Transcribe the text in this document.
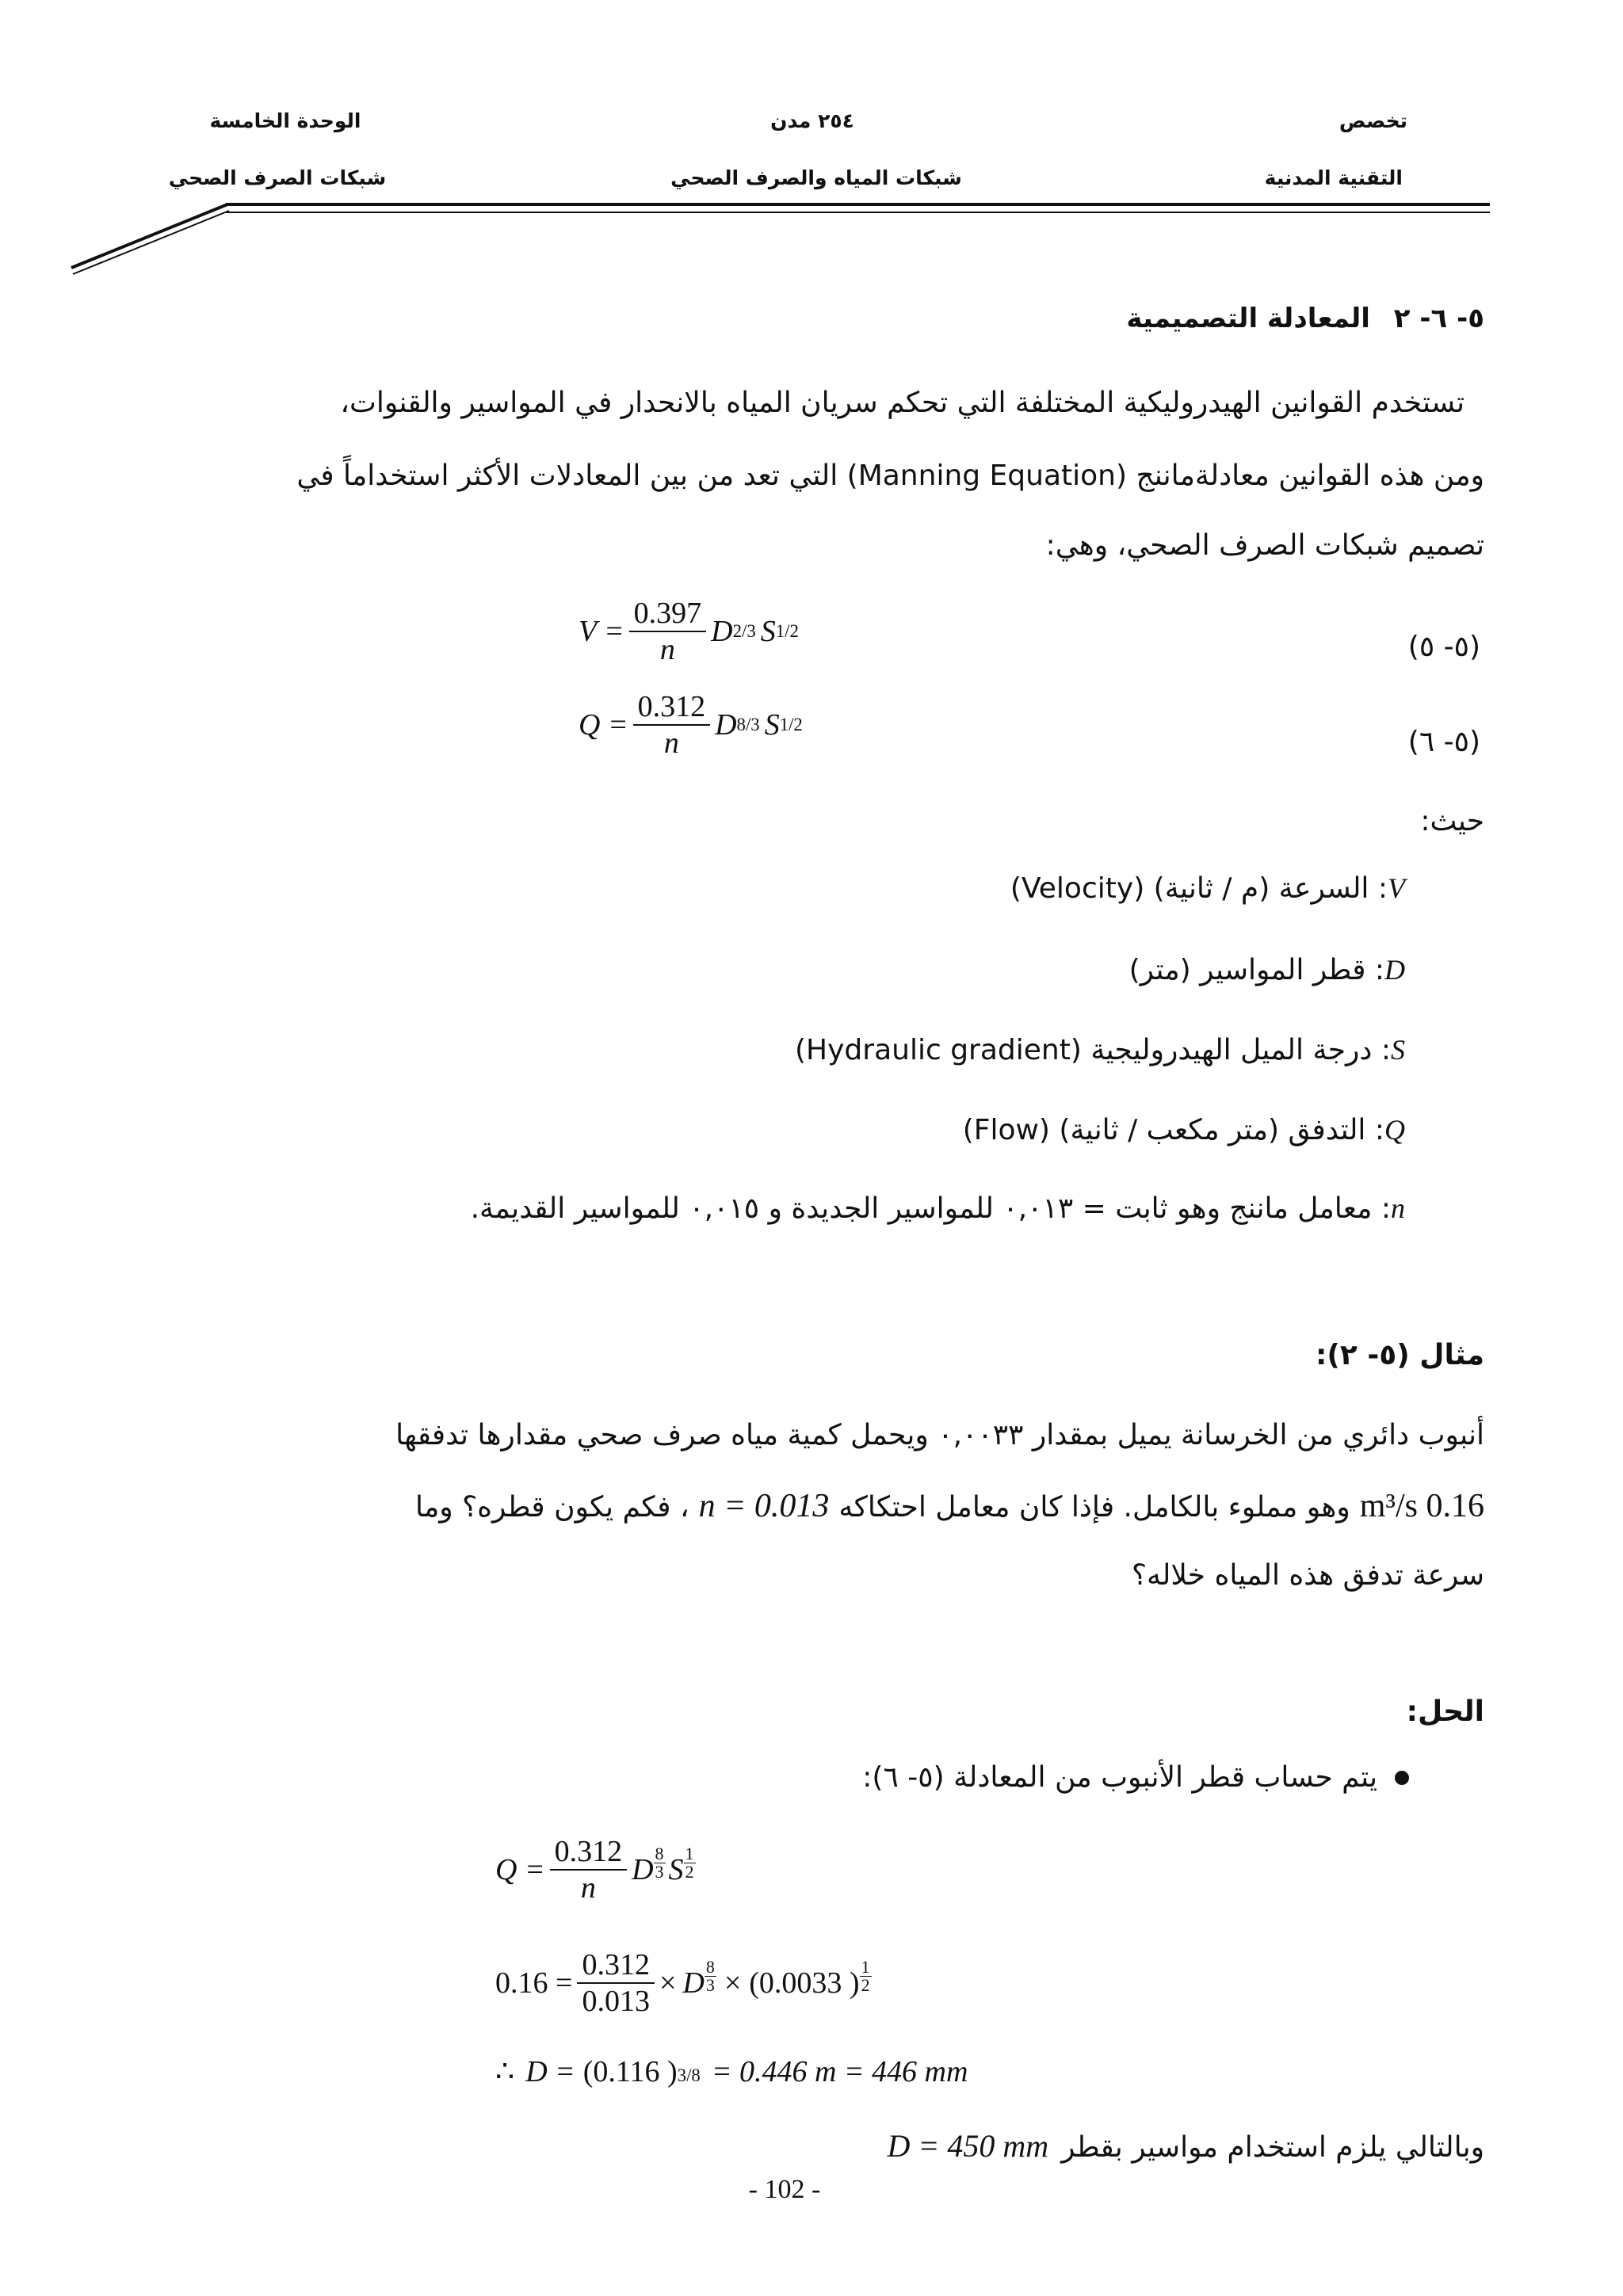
تخصص
التقنية المدنية
٢٥٤ مدن
شبكات المياه والصرف الصحي
الوحدة الخامسة
شبكات الصرف الصحي
٥- ٦- ٢ المعادلة التصميمية
تستخدم القوانين الهيدروليكية المختلفة التي تحكم سريان المياه بالانحدار في المواسير والقنوات،
ومن هذه القوانين معادلةماننج (Manning Equation) التي تعد من بين المعادلات الأكثر استخداماً في
تصميم شبكات الصرف الصحي، وهي:
$V = \frac{0.397}{n}$ D 2/3 S 1/2	(٥- ٥)
$Q = \frac{0.312}{n}$ D 8/3 S 1/2
(٥- ٦)
حيث:
V: السرعة (م / ثانية) (Velocity)
D: قطر المواسير (متر)
S: درجة الميل الهيدروليجية (Hydraulic gradient)
Q: التدفق (متر مكعب / ثانية) (Flow)
n: معامل ماننج وهو ثابت = ٠,٠١٣ للمواسير الجديدة و ٠,٠١٥ للمواسير القديمة.
مثال (٥- ٢):
أنبوب دائري من الخرسانة يميل بمقدار ٠,٠٠٣٣ ويحمل كمية مياه صرف صحي مقدارها تدفقها
0.16 m³/s
وهو مملوء بالكامل. فإذا كان معامل احتكاكه
n = 0.013
، فكم يكون قطره؟ وما
سرعة تدفق هذه المياه خلاله؟
الحل:
يتم حساب قطر الأنبوب من المعادلة (٥- ٦):
$Q = \frac{0.312}{n}$ D 8
3 S 1
2
$0.16 = \frac{0.312}{0.013} \times D \frac{8}{3} \times (0.0033$ ) 1
2
∴ D = (0.116 ) 3/8 = 0.446 m = 446 mm
وبالتالي يلزم استخدام مواسير بقطر
D = 450 mm
- 102 -
